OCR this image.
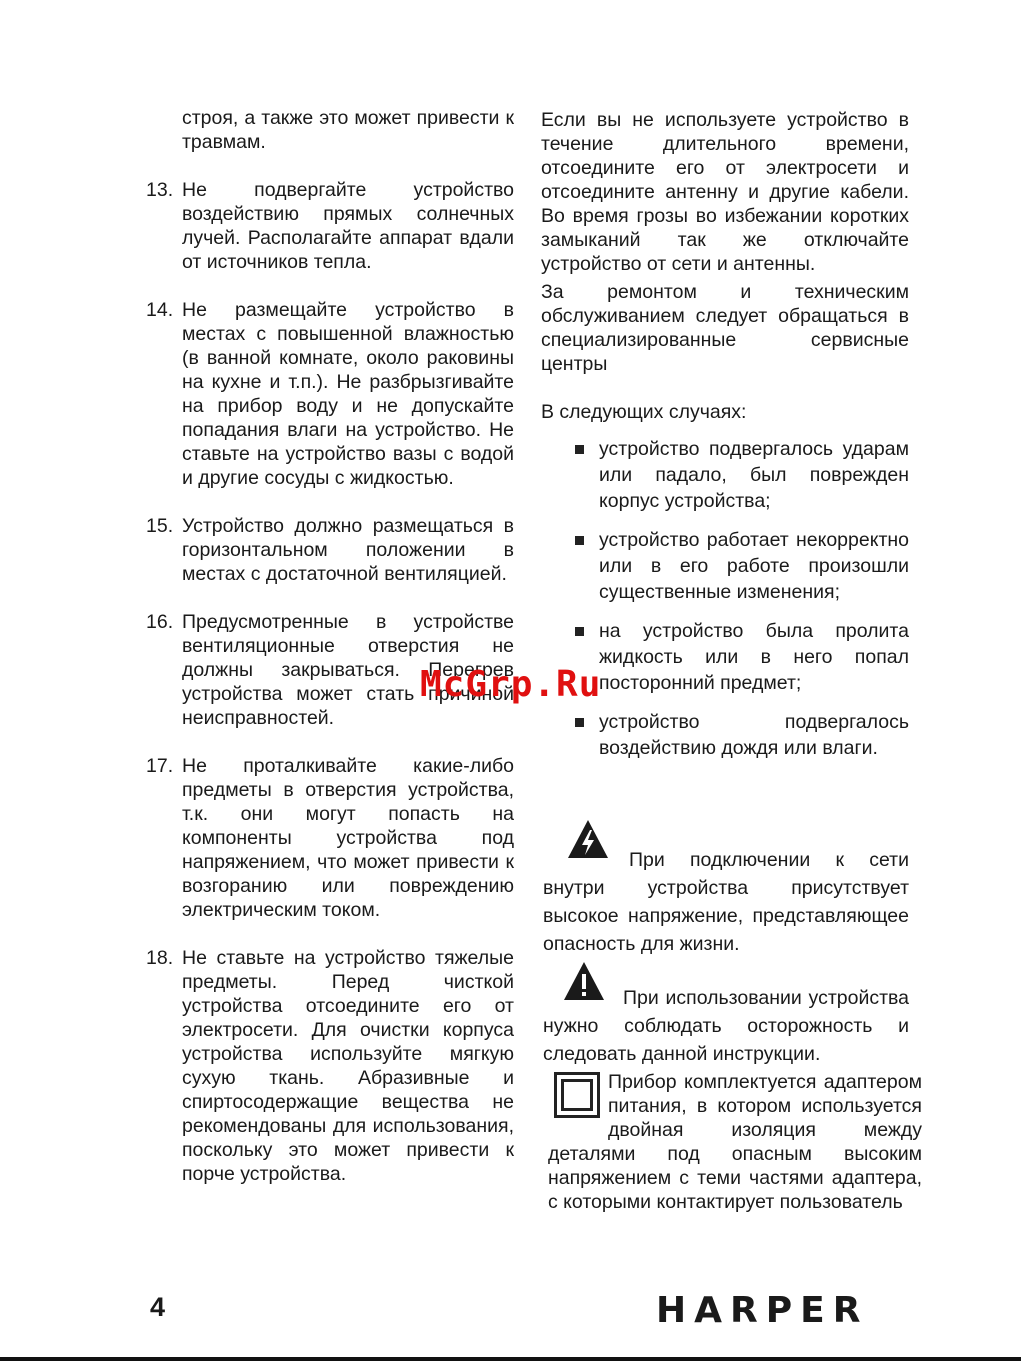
строя, а также это может привести к травмам.
13. Не подвергайте устройство воздействию прямых солнечных лучей. Располагайте аппарат вдали от источников тепла.
14. Не размещайте устройство в местах с повышенной влажностью (в ванной комнате, около раковины на кухне и т.п.). Не разбрызгивайте на прибор воду и не допускайте попадания влаги на устройство. Не ставьте на устройство вазы с водой и другие сосуды с жидкостью.
15. Устройство должно размещаться в горизонтальном положении в местах с достаточной вентиляцией.
16. Предусмотренные в устройстве вентиляционные отверстия не должны закрываться. Перегрев устройства может стать причиной неисправностей.
17. Не проталкивайте какие-либо предметы в отверстия устройства, т.к. они могут попасть на компоненты устройства под напряжением, что может привести к возгоранию или повреждению электрическим током.
18. Не ставьте на устройство тяжелые предметы. Перед чисткой устройства отсоедините его от электросети. Для очистки корпуса устройства используйте мягкую сухую ткань. Абразивные и спиртосодержащие вещества не рекомендованы для использования, поскольку это может привести к порче устройства.
Если вы не используете устройство в течение длительного времени, отсоедините его от электросети и отсоедините антенну и другие кабели. Во время грозы во избежании коротких замыканий так же отключайте устройство от сети и антенны.
За ремонтом и техническим обслуживанием следует обращаться в специализированные сервисные центры
В следующих случаях:
устройство подвергалось ударам или падало, был поврежден корпус устройства;
устройство работает некорректно или в его работе произошли существенные изменения;
на устройство была пролита жидкость или в него попал посторонний предмет;
устройство подвергалось воздействию дождя или влаги.
При подключении к сети внутри устройства присутствует высокое напряжение, представляющее опасность для жизни.
При использовании устройства нужно соблюдать осторожность и следовать данной инструкции.
Прибор комплектуется адаптером питания, в котором используется двойная изоляция между деталями под опасным высоким напряжением с теми частями адаптера, с которыми контактирует пользователь
McGrp.Ru
4	HARPER
